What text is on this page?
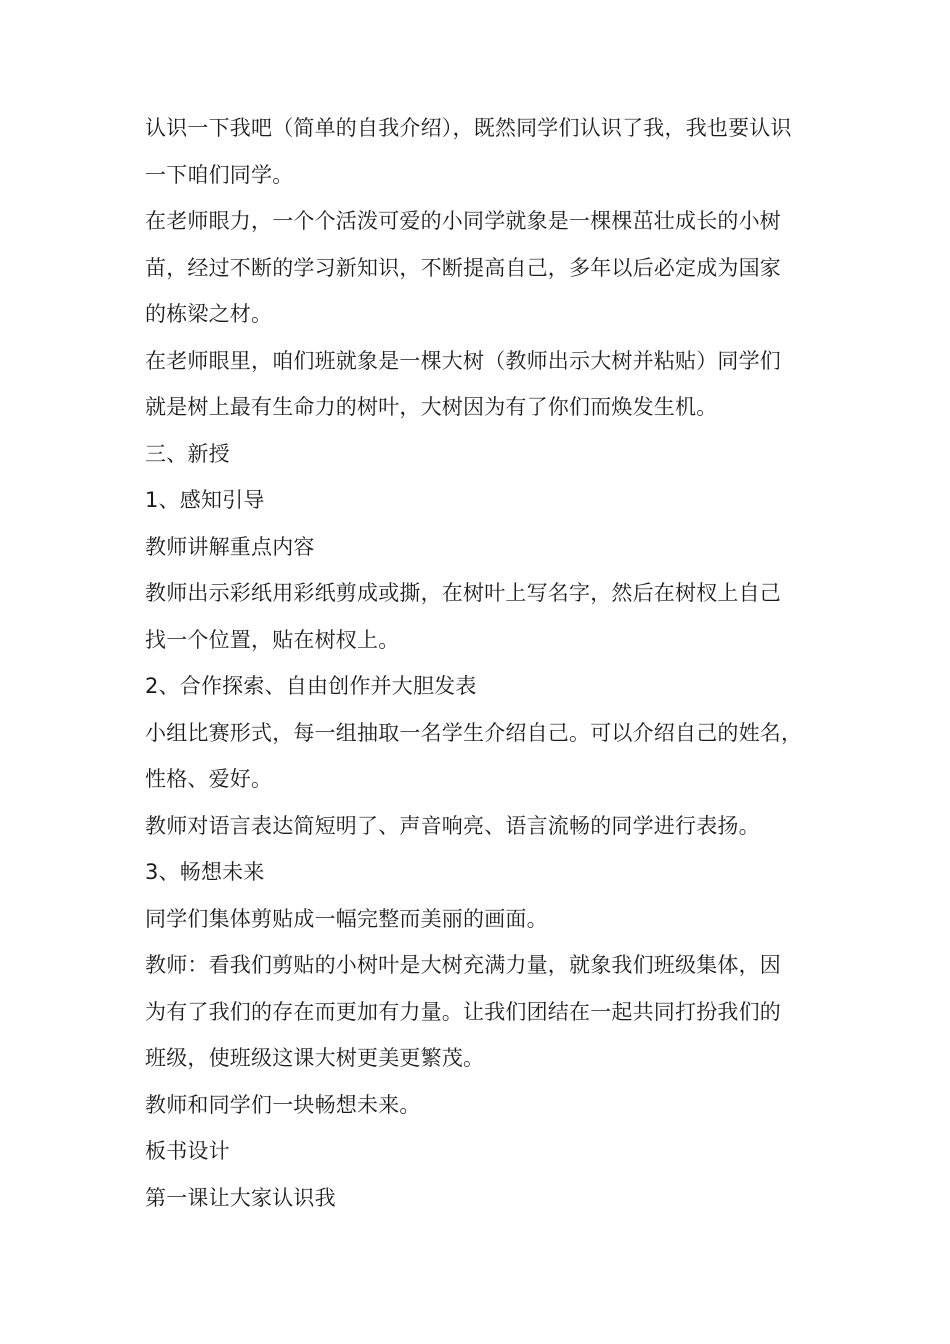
认识一下我吧（简单的自我介绍），既然同学们认识了我，我也要认识

一下咱们同学。

在老师眼力，一个个活泼可爱的小同学就象是一棵棵茁壮成长的小树

苗，经过不断的学习新知识，不断提高自己，多年以后必定成为国家

的栋梁之材。

在老师眼里，咱们班就象是一棵大树（教师出示大树并粘贴）同学们

就是树上最有生命力的树叶，大树因为有了你们而焕发生机。

三、新授

1、感知引导

教师讲解重点内容

教师出示彩纸用彩纸剪成或撕，在树叶上写名字，然后在树杈上自己

找一个位置，贴在树杈上。

2、合作探索、自由创作并大胆发表

小组比赛形式，每一组抽取一名学生介绍自己。可以介绍自己的姓名，

性格、爱好。

教师对语言表达简短明了、声音响亮、语言流畅的同学进行表扬。

3、畅想未来

同学们集体剪贴成一幅完整而美丽的画面。

教师：看我们剪贴的小树叶是大树充满力量，就象我们班级集体，因

为有了我们的存在而更加有力量。让我们团结在一起共同打扮我们的

班级，使班级这课大树更美更繁茂。

教师和同学们一块畅想未来。

板书设计

第一课让大家认识我
